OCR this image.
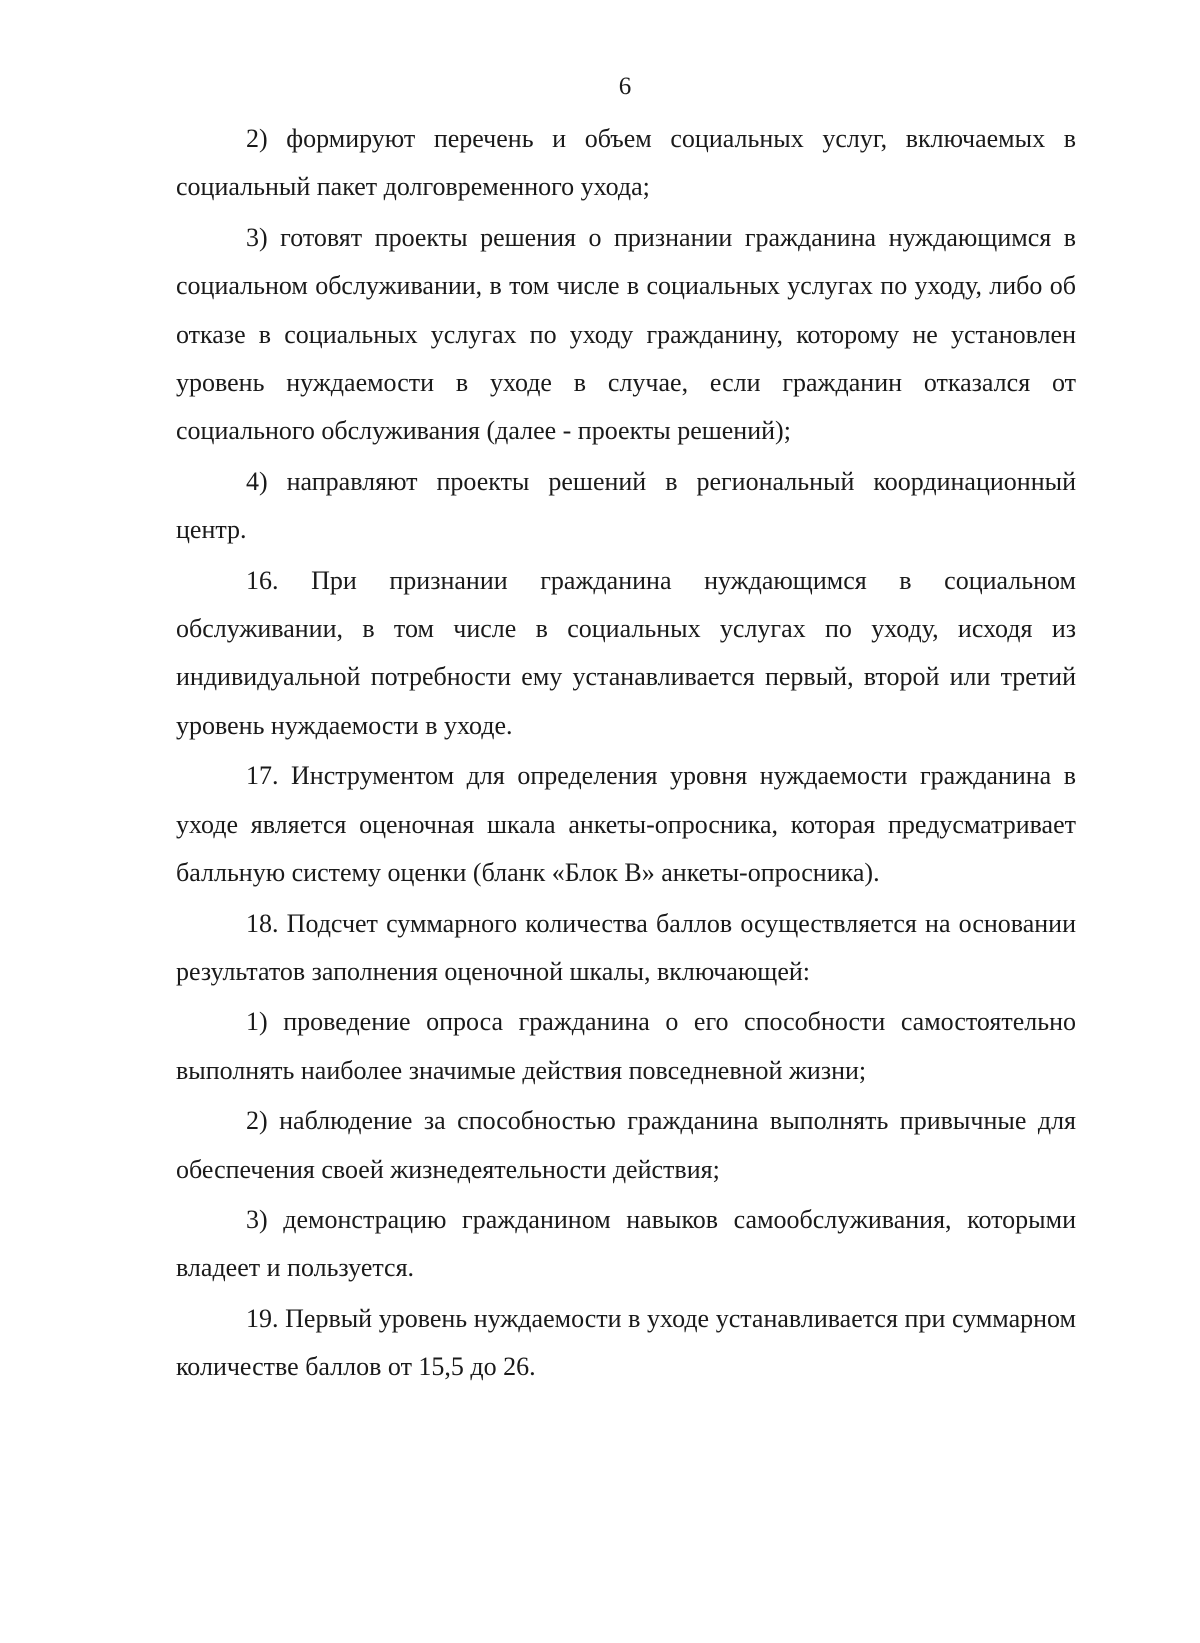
6

2) формируют перечень и объем социальных услуг, включаемых в социальный пакет долговременного ухода;

3) готовят проекты решения о признании гражданина нуждающимся в социальном обслуживании, в том числе в социальных услугах по уходу, либо об отказе в социальных услугах по уходу гражданину, которому не установлен уровень нуждаемости в уходе в случае, если гражданин отказался от социального обслуживания (далее - проекты решений);

4) направляют проекты решений в региональный координационный центр.

16. При признании гражданина нуждающимся в социальном обслуживании, в том числе в социальных услугах по уходу, исходя из индивидуальной потребности ему устанавливается первый, второй или третий уровень нуждаемости в уходе.

17. Инструментом для определения уровня нуждаемости гражданина в уходе является оценочная шкала анкеты-опросника, которая предусматривает балльную систему оценки (бланк «Блок В» анкеты-опросника).

18. Подсчет суммарного количества баллов осуществляется на основании результатов заполнения оценочной шкалы, включающей:

1) проведение опроса гражданина о его способности самостоятельно выполнять наиболее значимые действия повседневной жизни;

2) наблюдение за способностью гражданина выполнять привычные для обеспечения своей жизнедеятельности действия;

3) демонстрацию гражданином навыков самообслуживания, которыми владеет и пользуется.

19. Первый уровень нуждаемости в уходе устанавливается при суммарном количестве баллов от 15,5 до 26.
